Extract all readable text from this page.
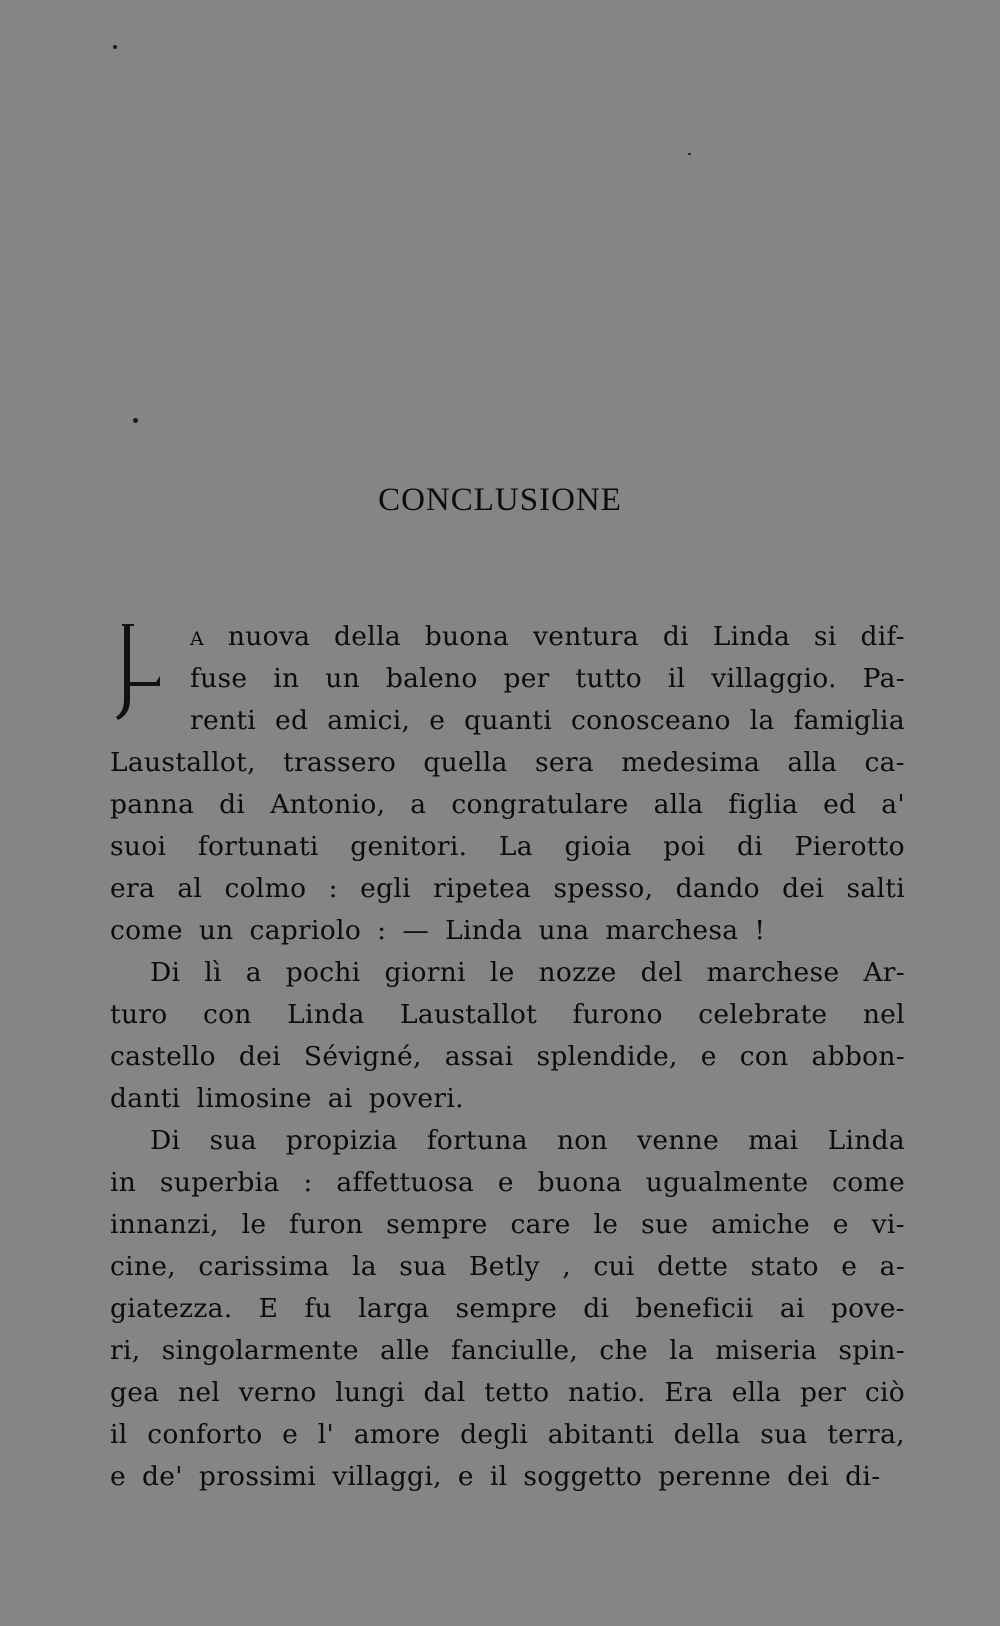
CONCLUSIONE
A nuova della buona ventura di Linda si dif-
fuse in un baleno per tutto il villaggio. Pa-
renti ed amici, e quanti conosceano la famiglia
Laustallot, trassero quella sera medesima alla ca-
panna di Antonio, a congratulare alla figlia ed a'
suoi fortunati genitori. La gioia poi di Pierotto
era al colmo : egli ripetea spesso, dando dei salti
come un capriolo : — Linda una marchesa !
Di lì a pochi giorni le nozze del marchese Ar-
turo con Linda Laustallot furono celebrate nel
castello dei Sévigné, assai splendide, e con abbon-
danti limosine ai poveri.
Di sua propizia fortuna non venne mai Linda
in superbia : affettuosa e buona ugualmente come
innanzi, le furon sempre care le sue amiche e vi-
cine, carissima la sua Betly , cui dette stato e a-
giatezza. E fu larga sempre di beneficii ai pove-
ri, singolarmente alle fanciulle, che la miseria spin-
gea nel verno lungi dal tetto natio. Era ella per ciò
il conforto e l' amore degli abitanti della sua terra,
e de' prossimi villaggi, e il soggetto perenne dei di-
